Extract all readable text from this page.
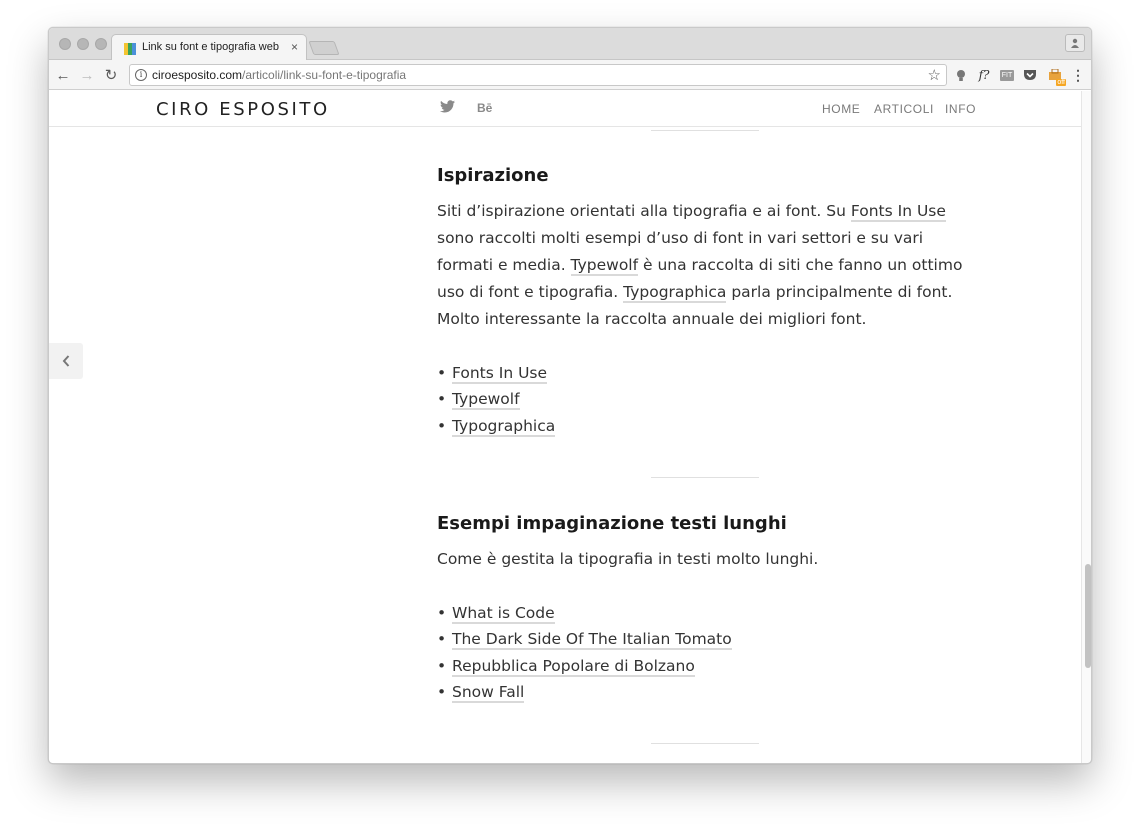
Link su font e tipografia web ×
← → ↻	i ciroesposito.com/articoli/link-su-font-e-tipografia	☆	f?	FIT
off ⋮
CIRO ESPOSITO	Bē	HOME ARTICOLI INFO
Ispirazione

Siti d’ispirazione orientati alla tipografia e ai font. Su Fonts In Use sono raccolti molti esempi d’uso di font in vari settori e su vari formati e media. Typewolf è una raccolta di siti che fanno un ottimo uso di font e tipografia. Typographica parla principalmente di font. Molto interessante la raccolta annuale dei migliori font.

• Fonts In Use
• Typewolf
• Typographica
Esempi impaginazione testi lunghi

Come è gestita la tipografia in testi molto lunghi.

• What is Code
• The Dark Side Of The Italian Tomato
• Repubblica Popolare di Bolzano
• Snow Fall
